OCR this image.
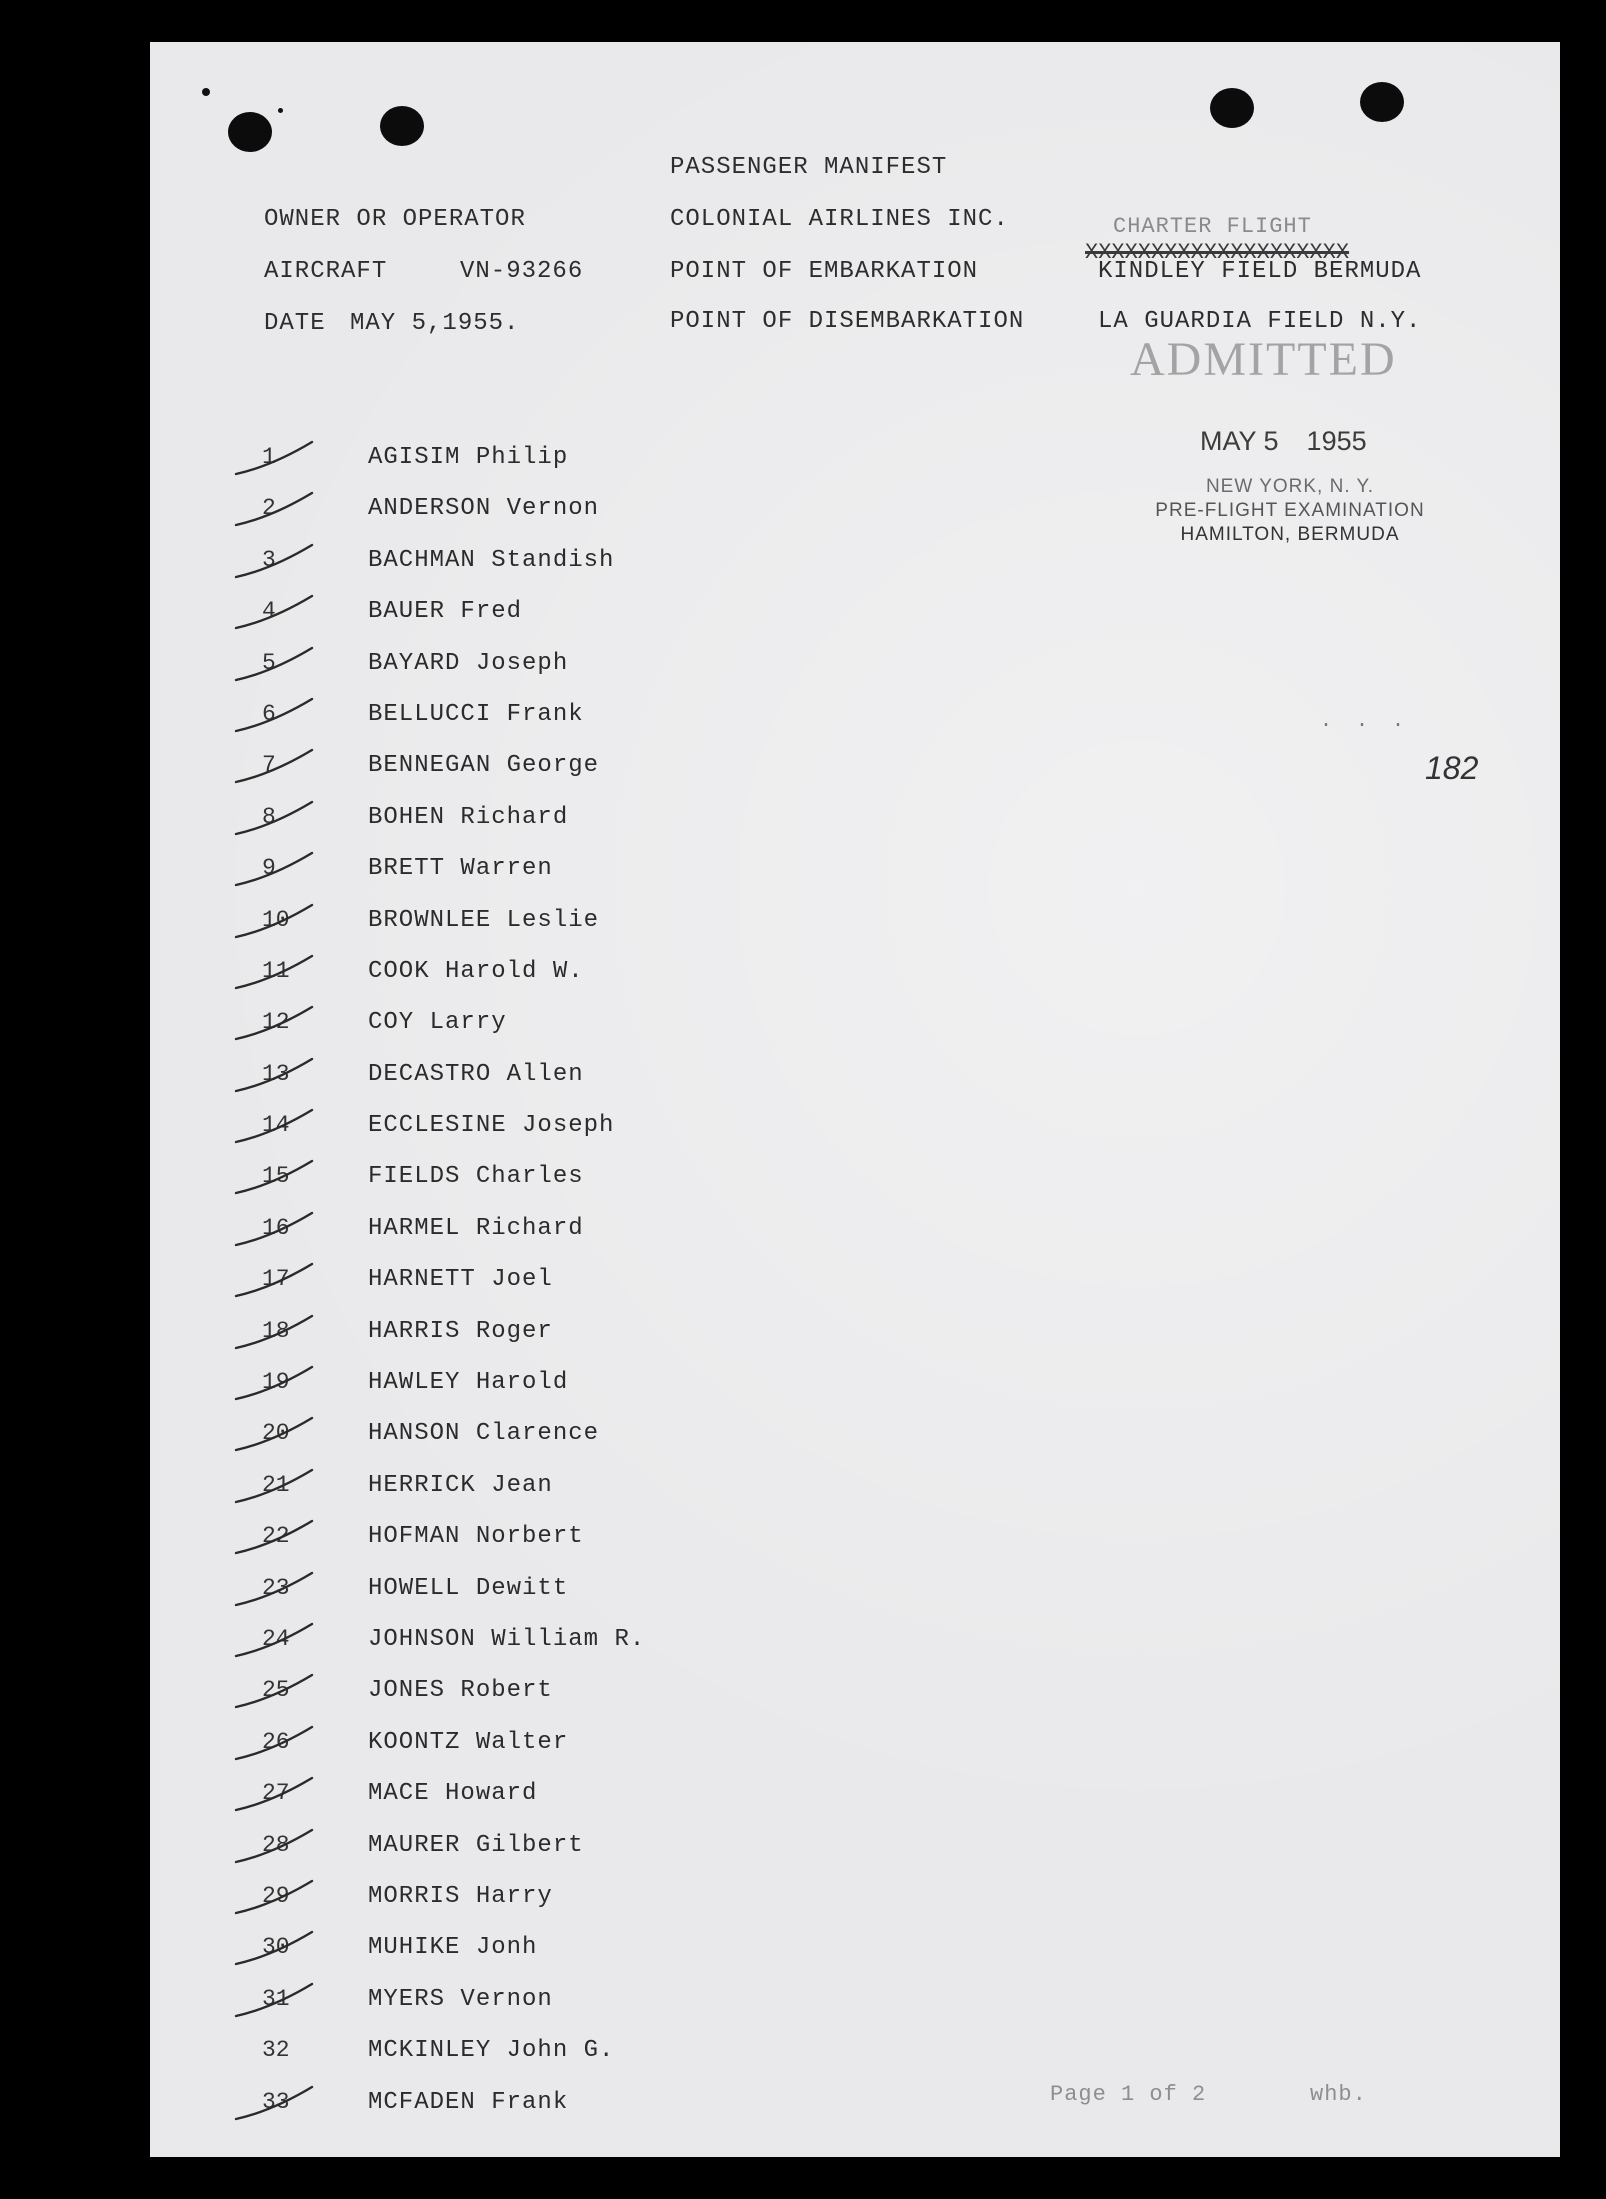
PASSENGER MANIFEST
OWNER OR OPERATOR	COLONIAL AIRLINES INC.	CHARTER FLIGHT
XXXXXXXXXXXXXXXXXXXX
AIRCRAFT	VN-93266	POINT OF EMBARKATION	KINDLEY FIELD BERMUDA
DATE MAY 5,1955.	POINT OF DISEMBARKATION	LA GUARDIA FIELD N.Y.
ADMITTED
MAY 5 1955
NEW YORK, N. Y.
PRE-FLIGHT EXAMINATION
HAMILTON, BERMUDA
. . .
182
1	AGISIM Philip
2	ANDERSON Vernon
3	BACHMAN Standish
4	BAUER Fred
5	BAYARD Joseph
6	BELLUCCI Frank
7	BENNEGAN George
8	BOHEN Richard
9	BRETT Warren
10	BROWNLEE Leslie
11	COOK Harold W.
12	COY Larry
13	DECASTRO Allen
14	ECCLESINE Joseph
15	FIELDS Charles
16	HARMEL Richard
17	HARNETT Joel
18	HARRIS Roger
19	HAWLEY Harold
20	HANSON Clarence
21	HERRICK Jean
22	HOFMAN Norbert
23	HOWELL Dewitt
24	JOHNSON William R.
25	JONES Robert
26	KOONTZ Walter
27	MACE Howard
28	MAURER Gilbert
29	MORRIS Harry
30	MUHIKE Jonh
31	MYERS Vernon
32	MCKINLEY John G.
33	MCFADEN Frank	Page 1 of 2	whb.
